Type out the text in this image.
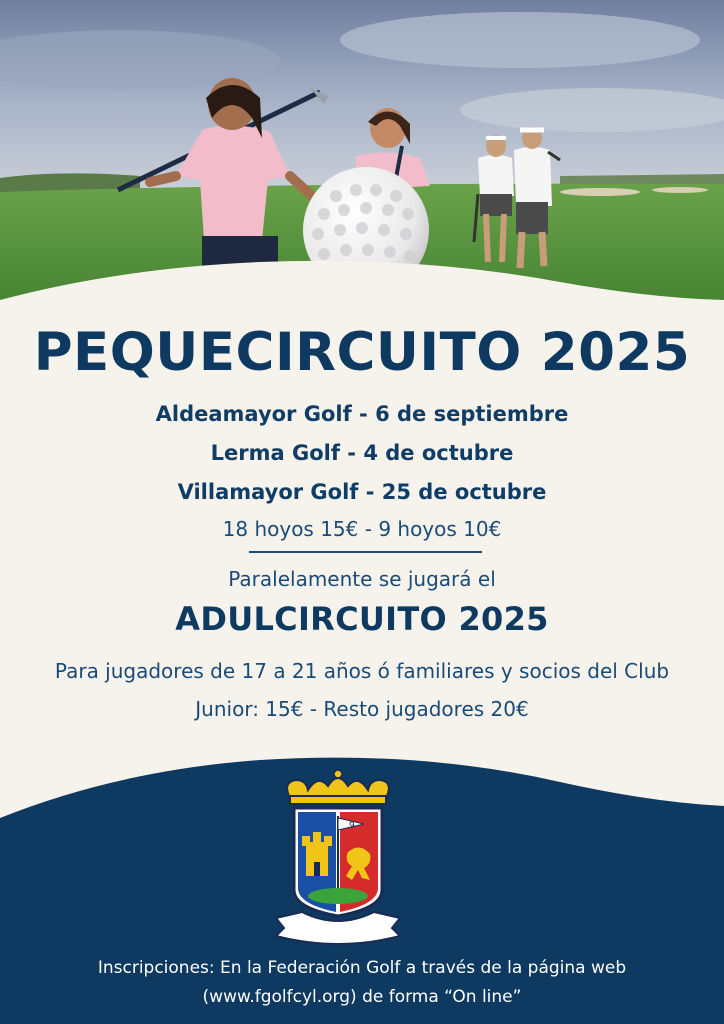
PEQUECIRCUITO 2025
Aldeamayor Golf - 6 de septiembre
Lerma Golf - 4 de octubre
Villamayor Golf - 25 de octubre
18 hoyos 15€ - 9 hoyos 10€
Paralelamente se jugará el
ADULCIRCUITO 2025
Para jugadores de 17 a 21 años ó familiares y socios del Club
Junior: 15€ - Resto jugadores 20€
9
Inscripciones: En la Federación Golf a través de la página web
(www.fgolfcyl.org) de forma “On line”
